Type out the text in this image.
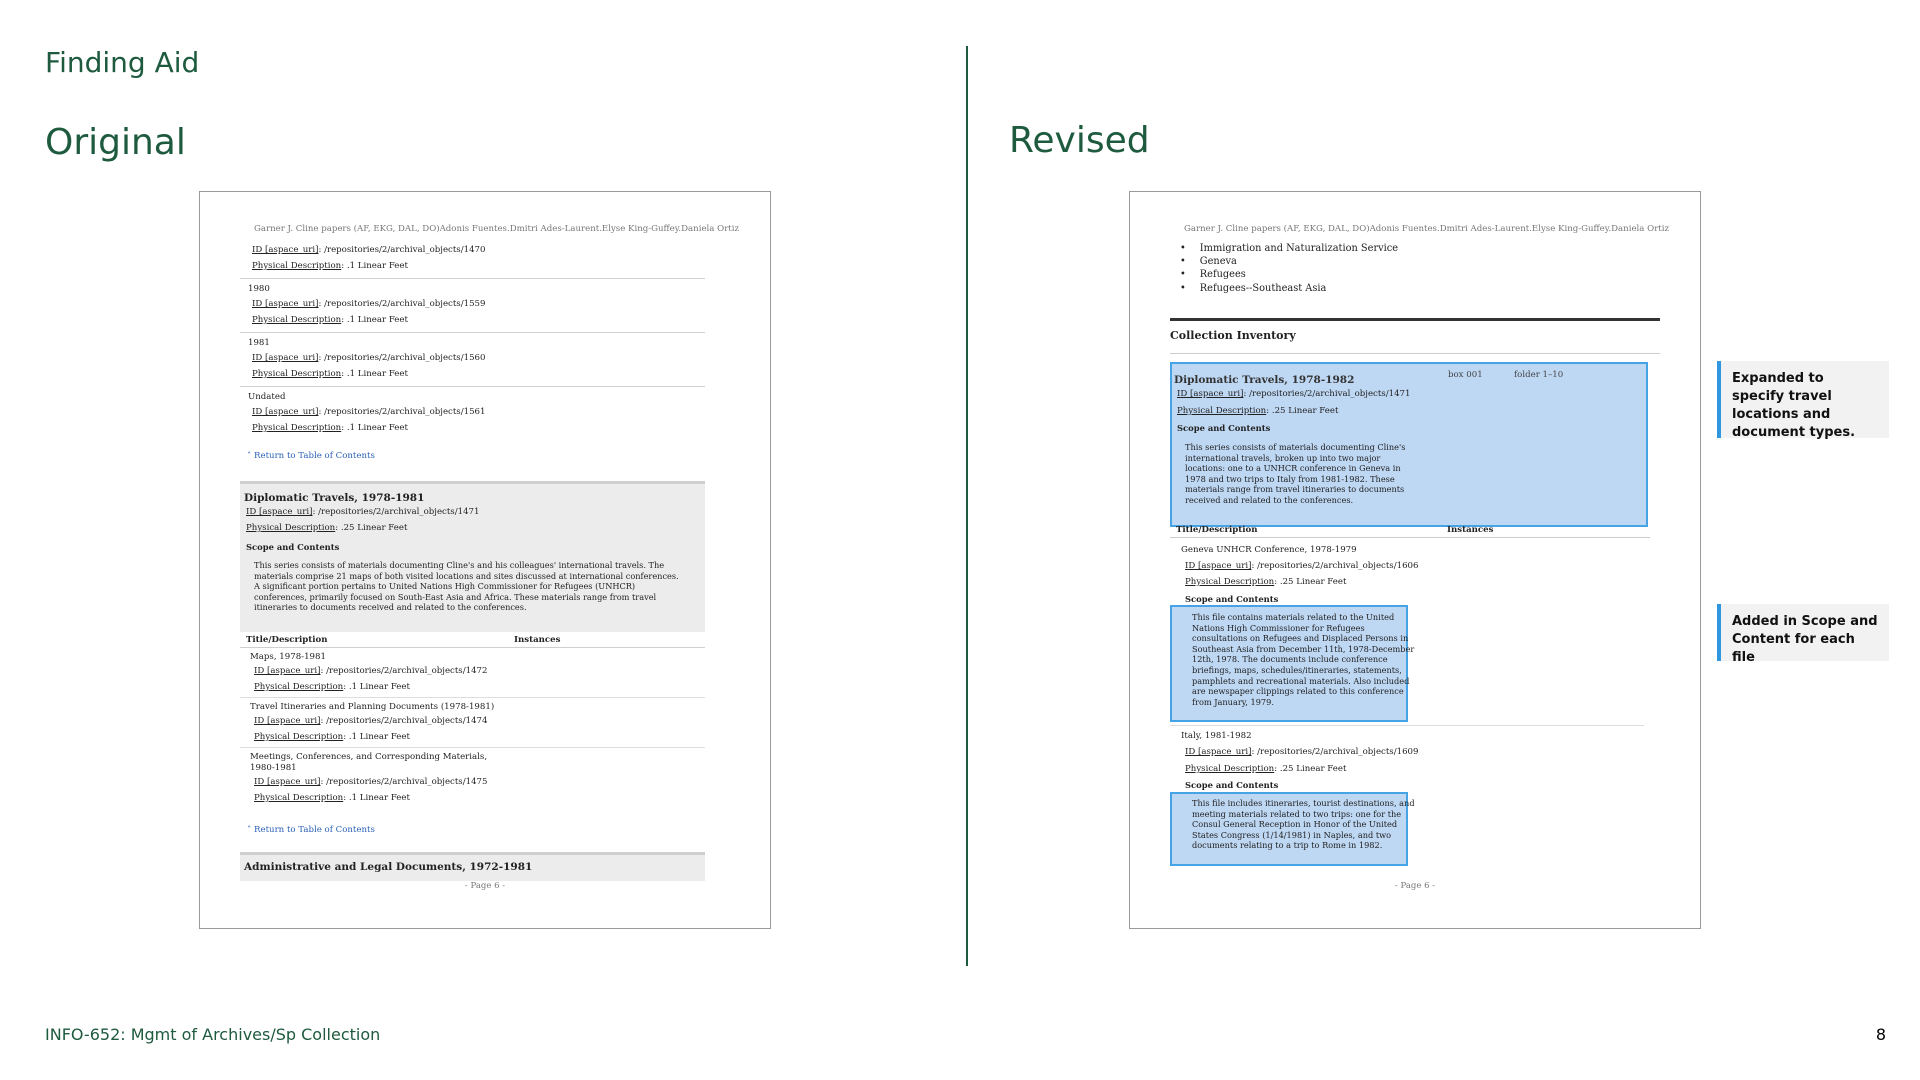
Finding Aid
Original	Revised
Garner J. Cline papers (AF, EKG, DAL, DO)Adonis Fuentes.Dmitri Ades-Laurent.Elyse King-Guffey.Daniela Ortiz
ID [aspace_uri]: /repositories/2/archival_objects/1470
Physical Description: .1 Linear Feet
1980
ID [aspace_uri]: /repositories/2/archival_objects/1559
Physical Description: .1 Linear Feet
1981
ID [aspace_uri]: /repositories/2/archival_objects/1560
Physical Description: .1 Linear Feet
Undated
ID [aspace_uri]: /repositories/2/archival_objects/1561
Physical Description: .1 Linear Feet
˄ Return to Table of Contents
Diplomatic Travels, 1978-1981
ID [aspace_uri]: /repositories/2/archival_objects/1471
Physical Description: .25 Linear Feet
Scope and Contents
This series consists of materials documenting Cline's and his colleagues' international travels. The materials comprise 21 maps of both visited locations and sites discussed at international conferences. A significant portion pertains to United Nations High Commissioner for Refugees (UNHCR) conferences, primarily focused on South-East Asia and Africa. These materials range from travel itineraries to documents received and related to the conferences.
Title/Description	Instances
Maps, 1978-1981
ID [aspace_uri]: /repositories/2/archival_objects/1472
Physical Description: .1 Linear Feet
Travel Itineraries and Planning Documents (1978-1981)
ID [aspace_uri]: /repositories/2/archival_objects/1474
Physical Description: .1 Linear Feet
Meetings, Conferences, and Corresponding Materials, 1980-1981
ID [aspace_uri]: /repositories/2/archival_objects/1475
Physical Description: .1 Linear Feet
˄ Return to Table of Contents
Administrative and Legal Documents, 1972-1981
- Page 6 -
Garner J. Cline papers (AF, EKG, DAL, DO)Adonis Fuentes.Dmitri Ades-Laurent.Elyse King-Guffey.Daniela Ortiz
• Immigration and Naturalization Service
• Geneva
• Refugees
• Refugees--Southeast Asia
Collection Inventory
Diplomatic Travels, 1978-1982	box 001	folder 1–10
ID [aspace_uri]: /repositories/2/archival_objects/1471
Physical Description: .25 Linear Feet
Scope and Contents
This series consists of materials documenting Cline's international travels, broken up into two major locations: one to a UNHCR conference in Geneva in 1978 and two trips to Italy from 1981-1982. These materials range from travel itineraries to documents received and related to the conferences.
Title/Description	Instances
Geneva UNHCR Conference, 1978-1979
ID [aspace_uri]: /repositories/2/archival_objects/1606
Physical Description: .25 Linear Feet
Scope and Contents
This file contains materials related to the United Nations High Commissioner for Refugees consultations on Refugees and Displaced Persons in Southeast Asia from December 11th, 1978-December 12th, 1978. The documents include conference briefings, maps, schedules/itineraries, statements, pamphlets and recreational materials. Also included are newspaper clippings related to this conference from January, 1979.
Italy, 1981-1982
ID [aspace_uri]: /repositories/2/archival_objects/1609
Physical Description: .25 Linear Feet
Scope and Contents
This file includes itineraries, tourist destinations, and meeting materials related to two trips: one for the Consul General Reception in Honor of the United States Congress (1/14/1981) in Naples, and two documents relating to a trip to Rome in 1982.
- Page 6 -
Expanded to specify travel locations and document types.
Added in Scope and Content for each file
INFO-652: Mgmt of Archives/Sp Collection	8
